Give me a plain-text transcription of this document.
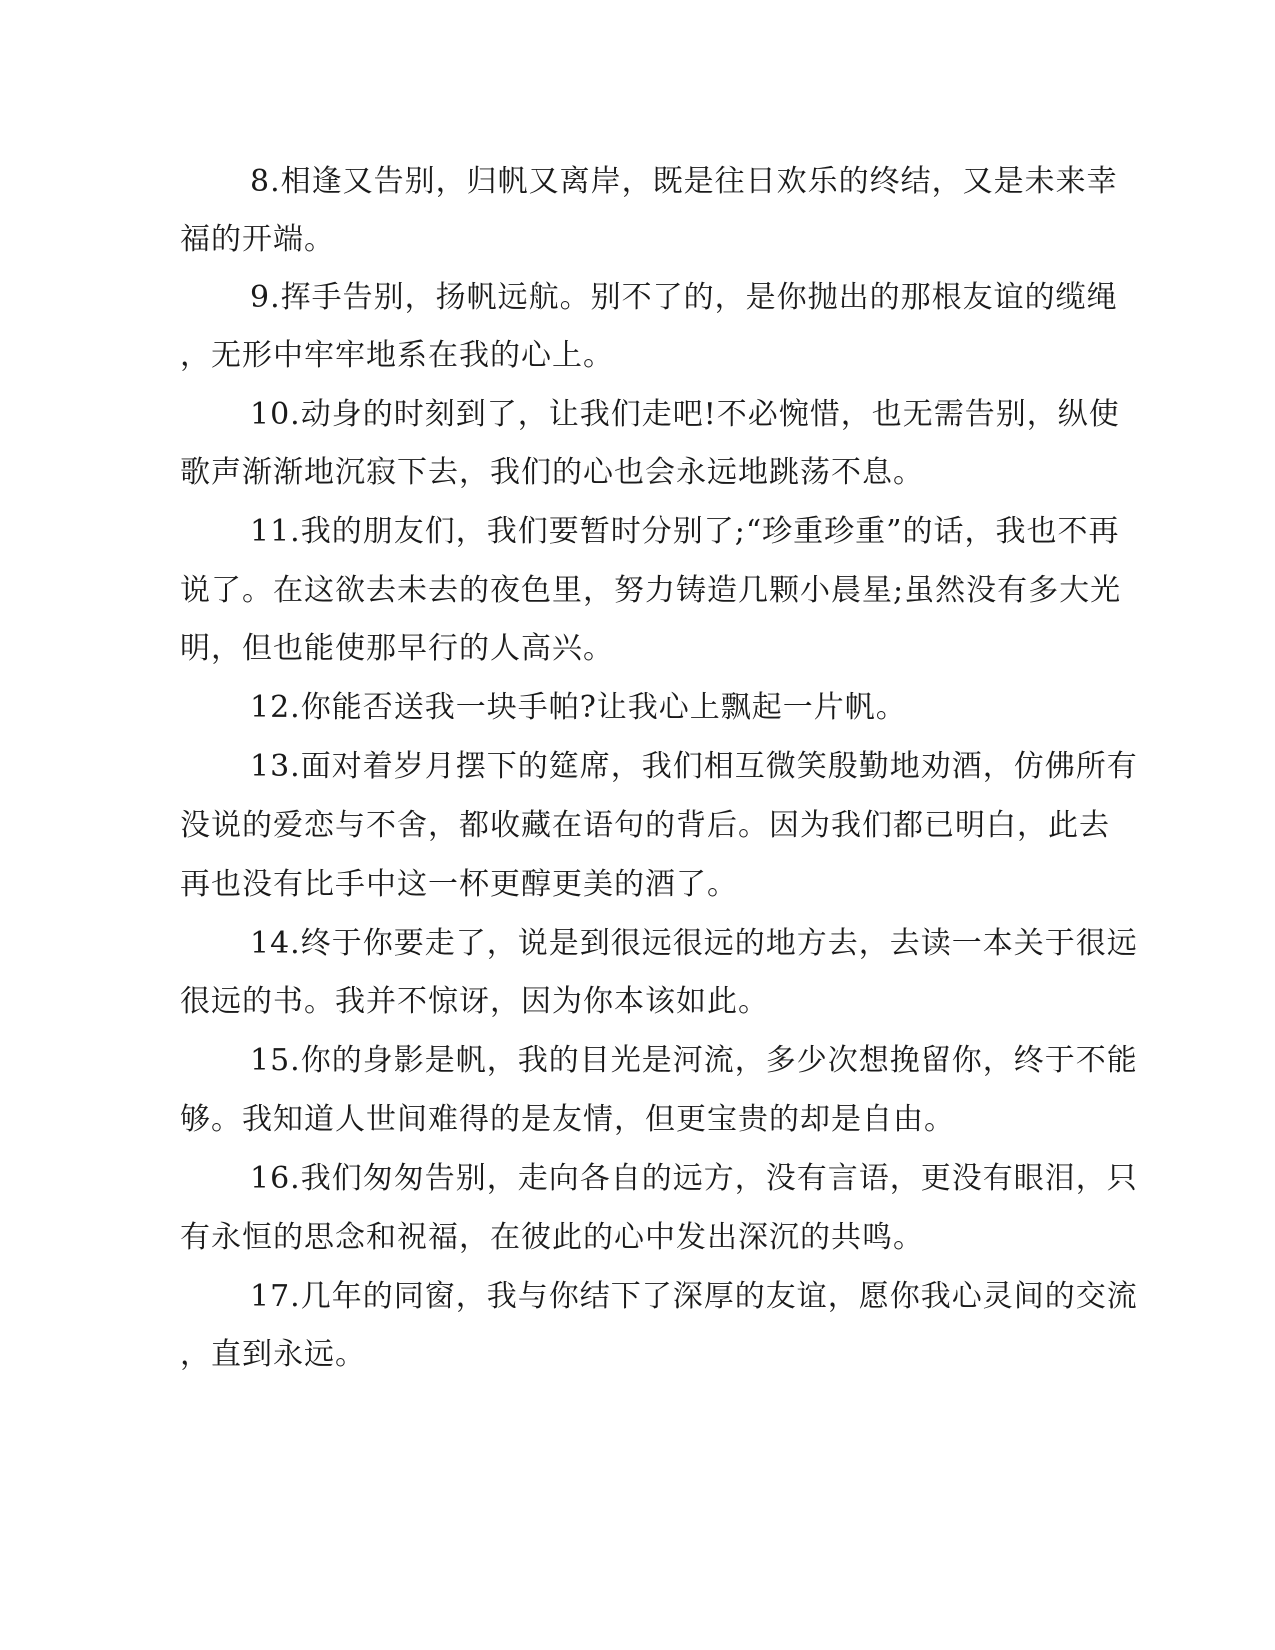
8.相逢又告别，归帆又离岸，既是往日欢乐的终结，又是未来幸
福的开端。
9.挥手告别，扬帆远航。别不了的，是你抛出的那根友谊的缆绳
，无形中牢牢地系在我的心上。
10.动身的时刻到了，让我们走吧!不必惋惜，也无需告别，纵使
歌声渐渐地沉寂下去，我们的心也会永远地跳荡不息。
11.我的朋友们，我们要暂时分别了;“珍重珍重”的话，我也不再
说了。在这欲去未去的夜色里，努力铸造几颗小晨星;虽然没有多大光
明，但也能使那早行的人高兴。
12.你能否送我一块手帕?让我心上飘起一片帆。
13.面对着岁月摆下的筵席，我们相互微笑殷勤地劝酒，仿佛所有
没说的爱恋与不舍，都收藏在语句的背后。因为我们都已明白，此去
再也没有比手中这一杯更醇更美的酒了。
14.终于你要走了，说是到很远很远的地方去，去读一本关于很远
很远的书。我并不惊讶，因为你本该如此。
15.你的身影是帆，我的目光是河流，多少次想挽留你，终于不能
够。我知道人世间难得的是友情，但更宝贵的却是自由。
16.我们匆匆告别，走向各自的远方，没有言语，更没有眼泪，只
有永恒的思念和祝福，在彼此的心中发出深沉的共鸣。
17.几年的同窗，我与你结下了深厚的友谊，愿你我心灵间的交流
，直到永远。
